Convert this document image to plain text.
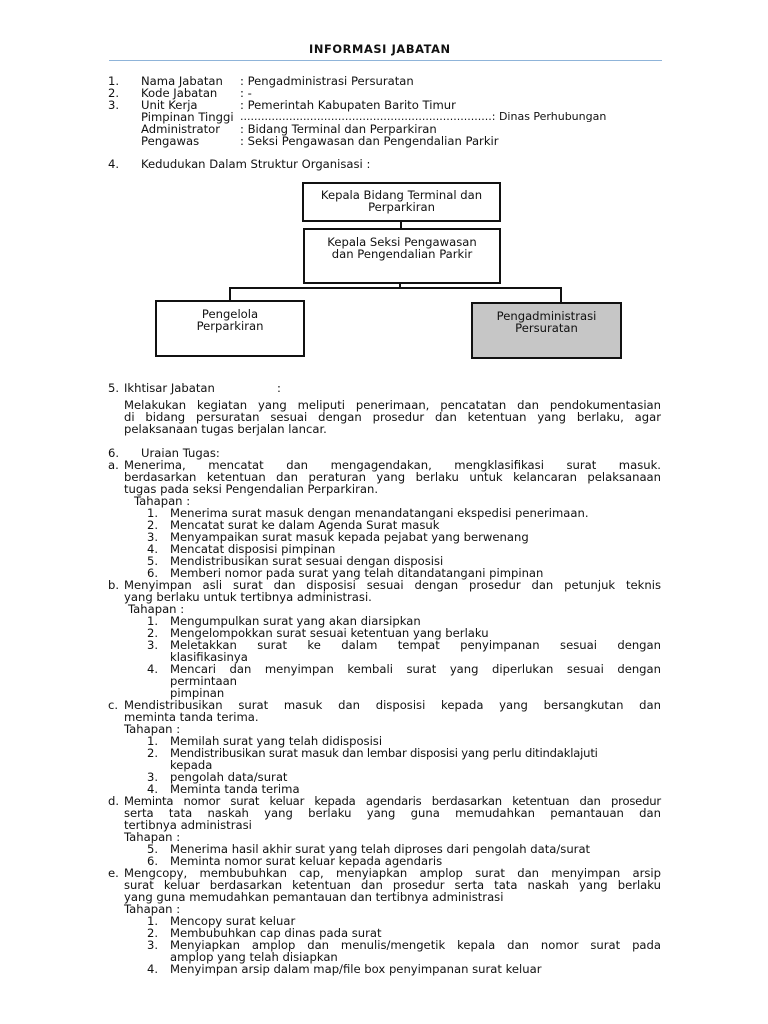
INFORMASI JABATAN
1. Nama Jabatan : Pengadministrasi Persuratan
2. Kode Jabatan : -
3. Unit Kerja	: Pemerintah Kabupaten Barito Timur
Pimpinan Tinggi ........................................................................: Dinas Perhubungan
Administrator : Bidang Terminal dan Perparkiran
Pengawas	: Seksi Pengawasan dan Pengendalian Parkir
4. Kedudukan Dalam Struktur Organisasi :
Kepala Bidang Terminal dan
Perparkiran
Kepala Seksi Pengawasan
dan Pengendalian Parkir
Pengelola
Perparkiran
Pengadministrasi
Persuratan
5. Ikhtisar Jabatan	:
Melakukan kegiatan yang meliputi penerimaan, pencatatan dan pendokumentasian
di bidang persuratan sesuai dengan prosedur dan ketentuan yang berlaku, agar
pelaksanaan tugas berjalan lancar.
6. Uraian Tugas:
a. Menerima, mencatat dan mengagendakan, mengklasifikasi surat masuk.
berdasarkan ketentuan dan peraturan yang berlaku untuk kelancaran pelaksanaan
tugas pada seksi Pengendalian Perparkiran.
Tahapan :
1. Menerima surat masuk dengan menandatangani ekspedisi penerimaan.
2. Mencatat surat ke dalam Agenda Surat masuk
3. Menyampaikan surat masuk kepada pejabat yang berwenang
4. Mencatat disposisi pimpinan
5. Mendistribusikan surat sesuai dengan disposisi
6. Memberi nomor pada surat yang telah ditandatangani pimpinan
b. Menyimpan asli surat dan disposisi sesuai dengan prosedur dan petunjuk teknis
yang berlaku untuk tertibnya administrasi.
Tahapan :
1. Mengumpulkan surat yang akan diarsipkan
2. Mengelompokkan surat sesuai ketentuan yang berlaku
3. Meletakkan surat ke dalam tempat penyimpanan sesuai dengan
klasifikasinya
4. Mencari dan menyimpan kembali surat yang diperlukan sesuai dengan
permintaan
pimpinan
c. Mendistribusikan surat masuk dan disposisi kepada yang bersangkutan dan
meminta tanda terima.
Tahapan :
1. Memilah surat yang telah didisposisi
2. Mendistribusikan surat masuk dan lembar disposisi yang perlu ditindaklajuti
kepada
3. pengolah data/surat
4. Meminta tanda terima
d. Meminta nomor surat keluar kepada agendaris berdasarkan ketentuan dan prosedur
serta tata naskah yang berlaku yang guna memudahkan pemantauan dan
tertibnya administrasi
Tahapan :
5. Menerima hasil akhir surat yang telah diproses dari pengolah data/surat
6. Meminta nomor surat keluar kepada agendaris
e. Mengcopy, membubuhkan cap, menyiapkan amplop surat dan menyimpan arsip
surat keluar berdasarkan ketentuan dan prosedur serta tata naskah yang berlaku
yang guna memudahkan pemantauan dan tertibnya administrasi
Tahapan :
1. Mencopy surat keluar
2. Membubuhkan cap dinas pada surat
3. Menyiapkan amplop dan menulis/mengetik kepala dan nomor surat pada
amplop yang telah disiapkan
4. Menyimpan arsip dalam map/file box penyimpanan surat keluar
